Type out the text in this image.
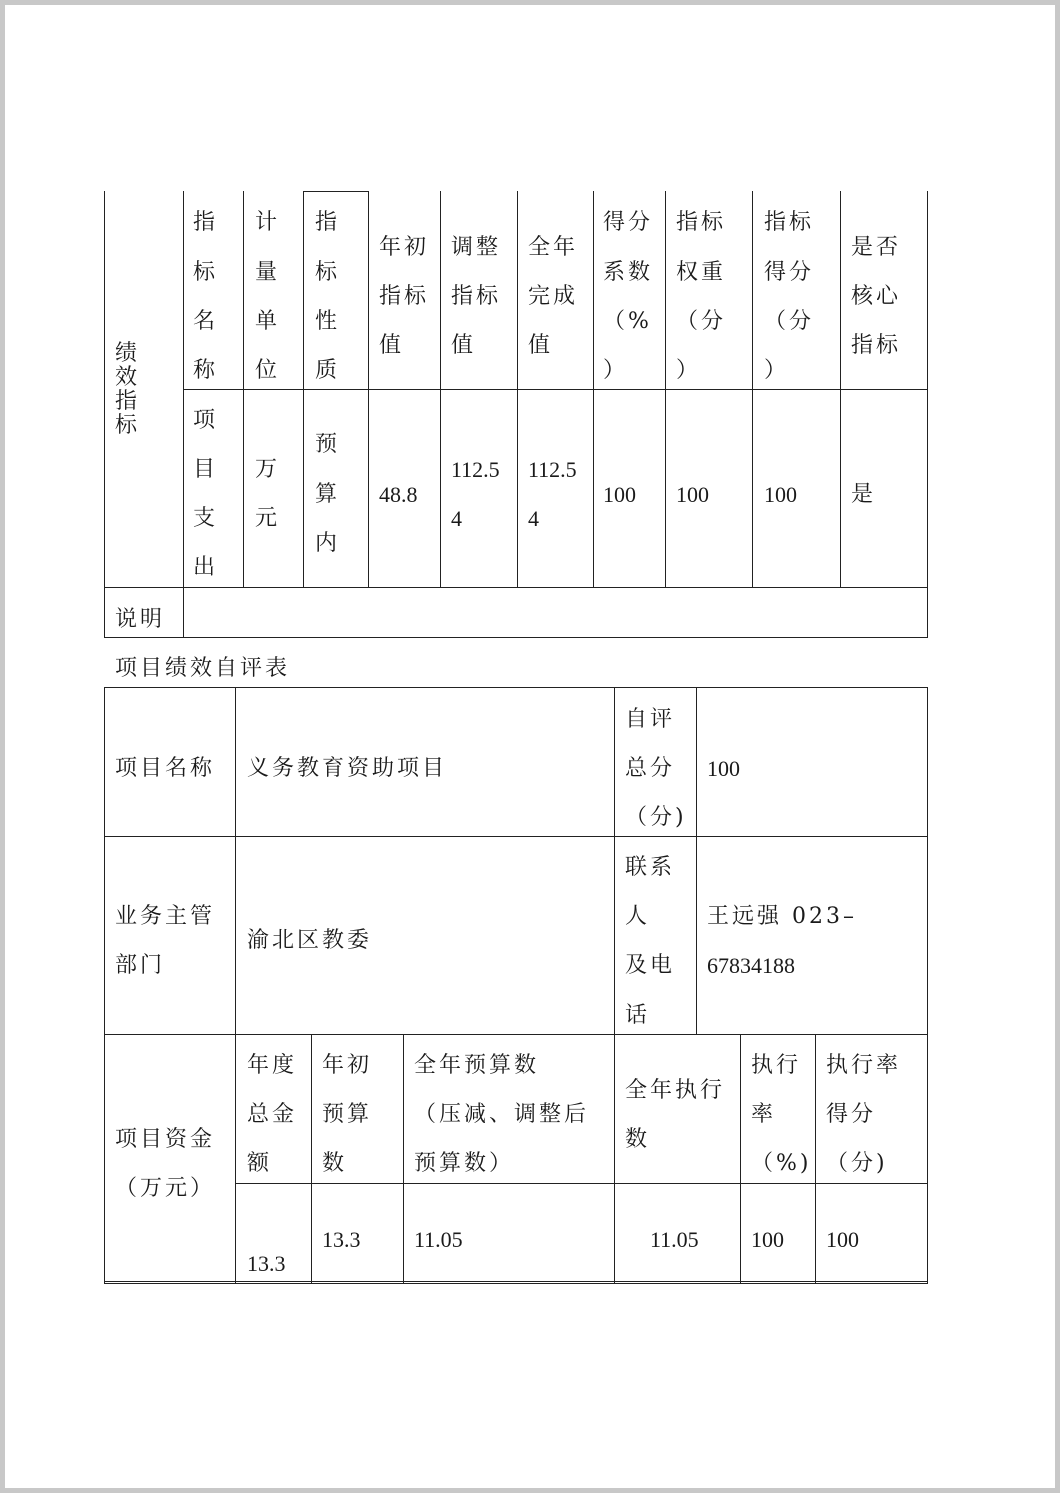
绩效指标
指
标
名
称
计
量
单
位
指
标
性
质
年初
指标
值
调整
指标
值
全年
完成
值
得分
系数
（%
）
指标
权重
（分
）
指标
得分
（分
）
是否
核心
指标
项
目
支
出
万
元
预
算
内
48.8
112.5
4
112.5
4
100 100	100 是
说明
项目绩效自评表
项目名称 义务教育资助项目
自评
总分
（分)
100
业务主管
部门
渝北区教委
联系
人
及电
话
王远强 023–
67834188
项目资金
（万元）
年度
总金
额
年初
预算
数
全年预算数
（压减、调整后
预算数）
全年执行
数
执行
率
（%)
执行率
得分
（分)
13.3
13.3 11.05	11.05 100 100
